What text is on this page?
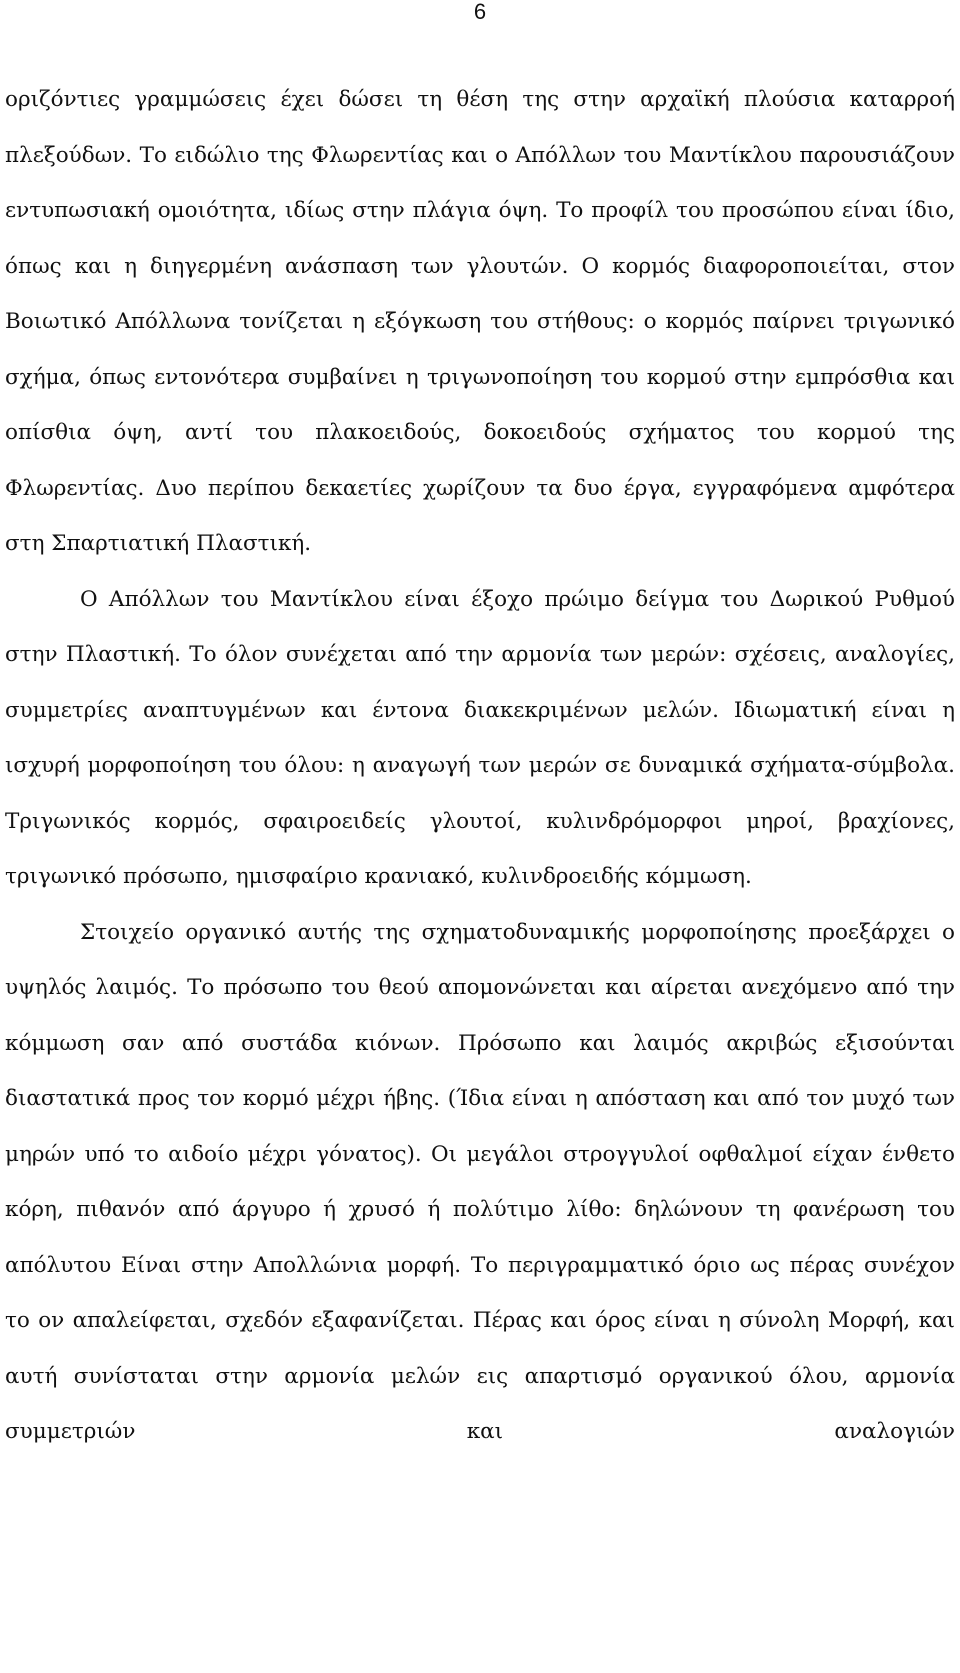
6

οριζόντιες γραμμώσεις έχει δώσει τη θέση της στην αρχαϊκή πλούσια καταρροή πλεξούδων. Το ειδώλιο της Φλωρεντίας και ο Απόλλων του Μαντίκλου παρουσιάζουν εντυπωσιακή ομοιότητα, ιδίως στην πλάγια όψη. Το προφίλ του προσώπου είναι ίδιο, όπως και η διηγερμένη ανάσπαση των γλουτών. Ο κορμός διαφοροποιείται, στον Βοιωτικό Απόλλωνα τονίζεται η εξόγκωση του στήθους: ο κορμός παίρνει τριγωνικό σχήμα, όπως εντονότερα συμβαίνει η τριγωνοποίηση του κορμού στην εμπρόσθια και οπίσθια όψη, αντί του πλακοειδούς, δοκοειδούς σχήματος του κορμού της Φλωρεντίας. Δυο περίπου δεκαετίες χωρίζουν τα δυο έργα, εγγραφόμενα αμφότερα στη Σπαρτιατική Πλαστική.

Ο Απόλλων του Μαντίκλου είναι έξοχο πρώιμο δείγμα του Δωρικού Ρυθμού στην Πλαστική. Το όλον συνέχεται από την αρμονία των μερών: σχέσεις, αναλογίες, συμμετρίες αναπτυγμένων και έντονα διακεκριμένων μελών. Ιδιωματική είναι η ισχυρή μορφοποίηση του όλου: η αναγωγή των μερών σε δυναμικά σχήματα-σύμβολα. Τριγωνικός κορμός, σφαιροειδείς γλουτοί, κυλινδρόμορφοι μηροί, βραχίονες, τριγωνικό πρόσωπο, ημισφαίριο κρανιακό, κυλινδροειδής κόμμωση.

Στοιχείο οργανικό αυτής της σχηματοδυναμικής μορφοποίησης προεξάρχει ο υψηλός λαιμός. Το πρόσωπο του θεού απομονώνεται και αίρεται ανεχόμενο από την κόμμωση σαν από συστάδα κιόνων. Πρόσωπο και λαιμός ακριβώς εξισούνται διαστατικά προς τον κορμό μέχρι ήβης. (Ίδια είναι η απόσταση και από τον μυχό των μηρών υπό το αιδοίο μέχρι γόνατος). Οι μεγάλοι στρογγυλοί οφθαλμοί είχαν ένθετο κόρη, πιθανόν από άργυρο ή χρυσό ή πολύτιμο λίθο: δηλώνουν τη φανέρωση του απόλυτου Είναι στην Απολλώνια μορφή. Το περιγραμματικό όριο ως πέρας συνέχον το ον απαλείφεται, σχεδόν εξαφανίζεται. Πέρας και όρος είναι η σύνολη Μορφή, και αυτή συνίσταται στην αρμονία μελών εις απαρτισμό οργανικού όλου, αρμονία συμμετριών και αναλογιών
